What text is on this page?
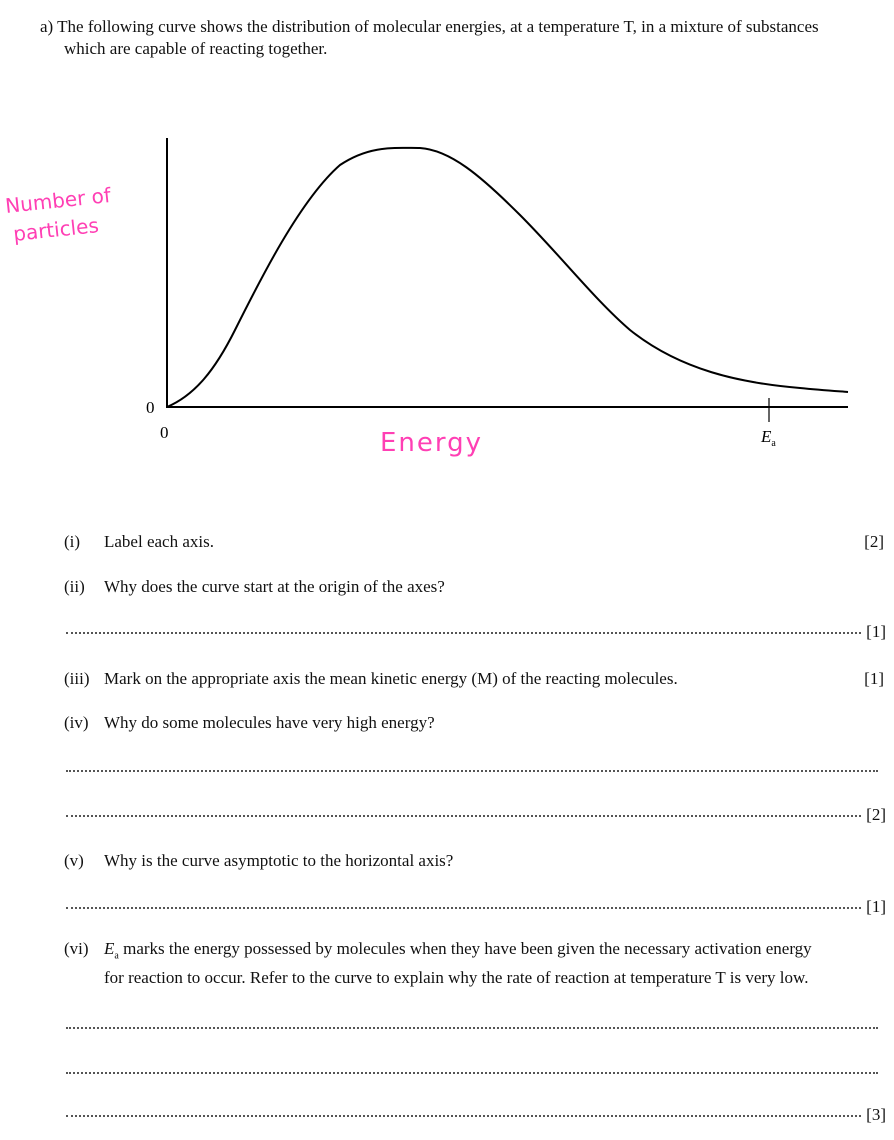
a) The following curve shows the distribution of molecular energies, at a temperature T, in a mixture of substances
which are capable of reacting together.
0
0	$E_a$
Number of
particles
Energy
(i) Label each axis.	[2]
(ii) Why does the curve start at the origin of the axes?
[1]
(iii) Mark on the appropriate axis the mean kinetic energy (M) of the reacting molecules.	[1]
(iv) Why do some molecules have very high energy?
[2]
(v) Why is the curve asymptotic to the horizontal axis?
[1]
(vi) $E_a$ marks the energy possessed by molecules when they have been given the necessary activation energy
for reaction to occur. Refer to the curve to explain why the rate of reaction at temperature T is very low.
[3]
